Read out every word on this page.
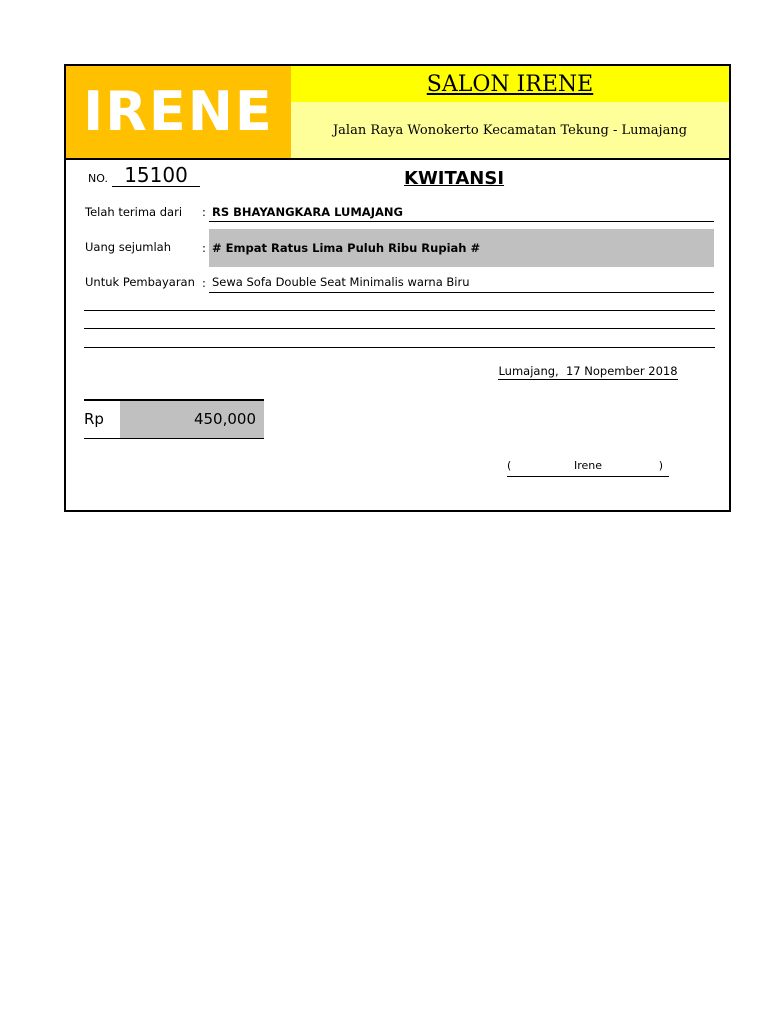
IRENE	SALON IRENE
Jalan Raya Wonokerto Kecamatan Tekung - Lumajang
NO. 15100	KWITANSI
Telah terima dari : RS BHAYANGKARA LUMAJANG
Uang sejumlah	: # Empat Ratus Lima Puluh Ribu Rupiah #
Untuk Pembayaran : Sewa Sofa Double Seat Minimalis warna Biru
Lumajang,  17 Nopember 2018
Rp	450,000
(	Irene	)
